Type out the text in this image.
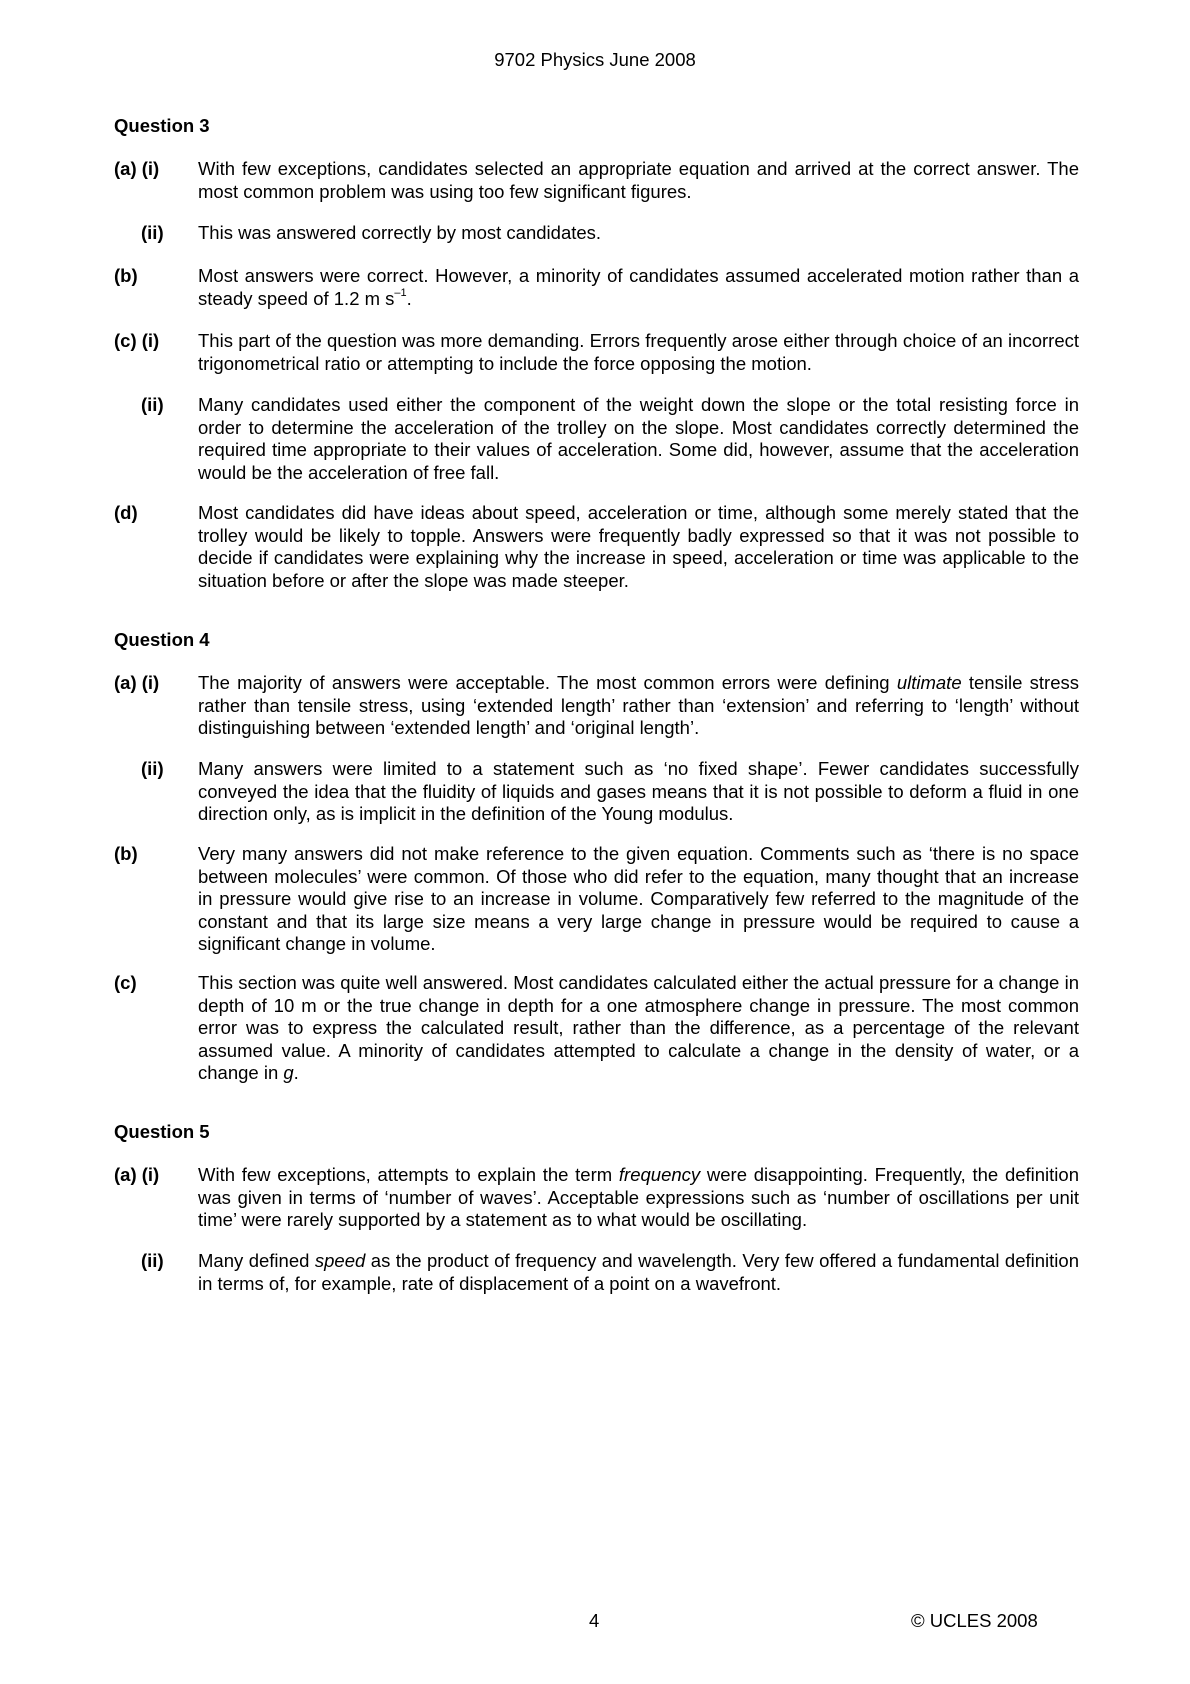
9702 Physics June 2008
Question 3
(a) (i) With few exceptions, candidates selected an appropriate equation and arrived at the correct answer. The most common problem was using too few significant figures.
(ii) This was answered correctly by most candidates.
(b)	Most answers were correct. However, a minority of candidates assumed accelerated motion rather than a steady speed of 1.2 m $s^{-1}$.
(c) (i) This part of the question was more demanding. Errors frequently arose either through choice of an incorrect trigonometrical ratio or attempting to include the force opposing the motion.
(ii) Many candidates used either the component of the weight down the slope or the total resisting force in order to determine the acceleration of the trolley on the slope. Most candidates correctly determined the required time appropriate to their values of acceleration. Some did, however, assume that the acceleration would be the acceleration of free fall.
(d)	Most candidates did have ideas about speed, acceleration or time, although some merely stated that the trolley would be likely to topple. Answers were frequently badly expressed so that it was not possible to decide if candidates were explaining why the increase in speed, acceleration or time was applicable to the situation before or after the slope was made steeper.
Question 4
(a) (i) The majority of answers were acceptable. The most common errors were defining ultimate tensile stress rather than tensile stress, using ‘extended length’ rather than ‘extension’ and referring to ‘length’ without distinguishing between ‘extended length’ and ‘original length’.
(ii) Many answers were limited to a statement such as ‘no fixed shape’. Fewer candidates successfully conveyed the idea that the fluidity of liquids and gases means that it is not possible to deform a fluid in one direction only, as is implicit in the definition of the Young modulus.
(b)	Very many answers did not make reference to the given equation. Comments such as ‘there is no space between molecules’ were common. Of those who did refer to the equation, many thought that an increase in pressure would give rise to an increase in volume. Comparatively few referred to the magnitude of the constant and that its large size means a very large change in pressure would be required to cause a significant change in volume.
(c)	This section was quite well answered. Most candidates calculated either the actual pressure for a change in depth of 10 m or the true change in depth for a one atmosphere change in pressure. The most common error was to express the calculated result, rather than the difference, as a percentage of the relevant assumed value. A minority of candidates attempted to calculate a change in the density of water, or a change in g.
Question 5
(a) (i) With few exceptions, attempts to explain the term frequency were disappointing. Frequently, the definition was given in terms of ‘number of waves’. Acceptable expressions such as ‘number of oscillations per unit time’ were rarely supported by a statement as to what would be oscillating.
(ii) Many defined speed as the product of frequency and wavelength. Very few offered a fundamental definition in terms of, for example, rate of displacement of a point on a wavefront.
4	© UCLES 2008
